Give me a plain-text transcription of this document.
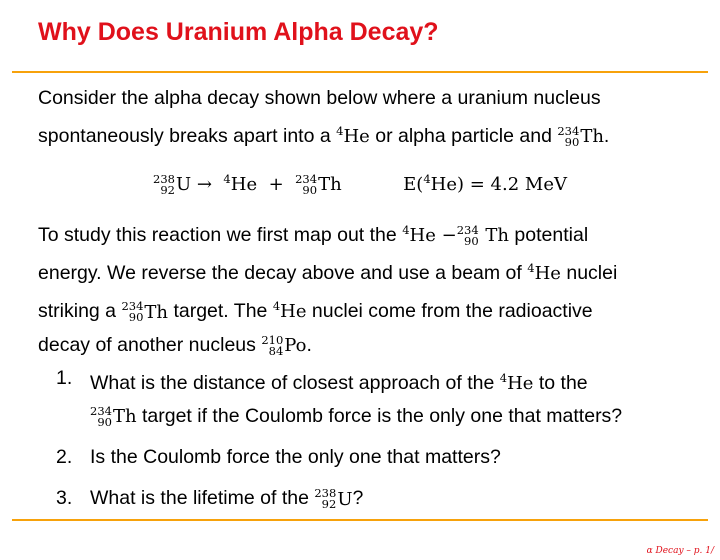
Why Does Uranium Alpha Decay?

Consider the alpha decay shown below where a uranium nucleus
spontaneously breaks apart into a $^4$He or alpha particle and 234
90 Th .

238
92 U → $^4$He + 234
90 Th	E($^4$He) = 4.2 MeV

To study this reaction we first map out the $^4$He − 234
90 Th potential
energy. We reverse the decay above and use a beam of $^4$He nuclei
striking a 234
90 Th target. The $^4$He nuclei come from the radioactive
decay of another nucleus 210
84 Po .

1. What is the distance of closest approach of the $^4$He to the

234
90 Th target if the Coulomb force is the only one that matters?
2. Is the Coulomb force the only one that matters?
3. What is the lifetime of the 238
92 U ?
α Decay – p. 1/
